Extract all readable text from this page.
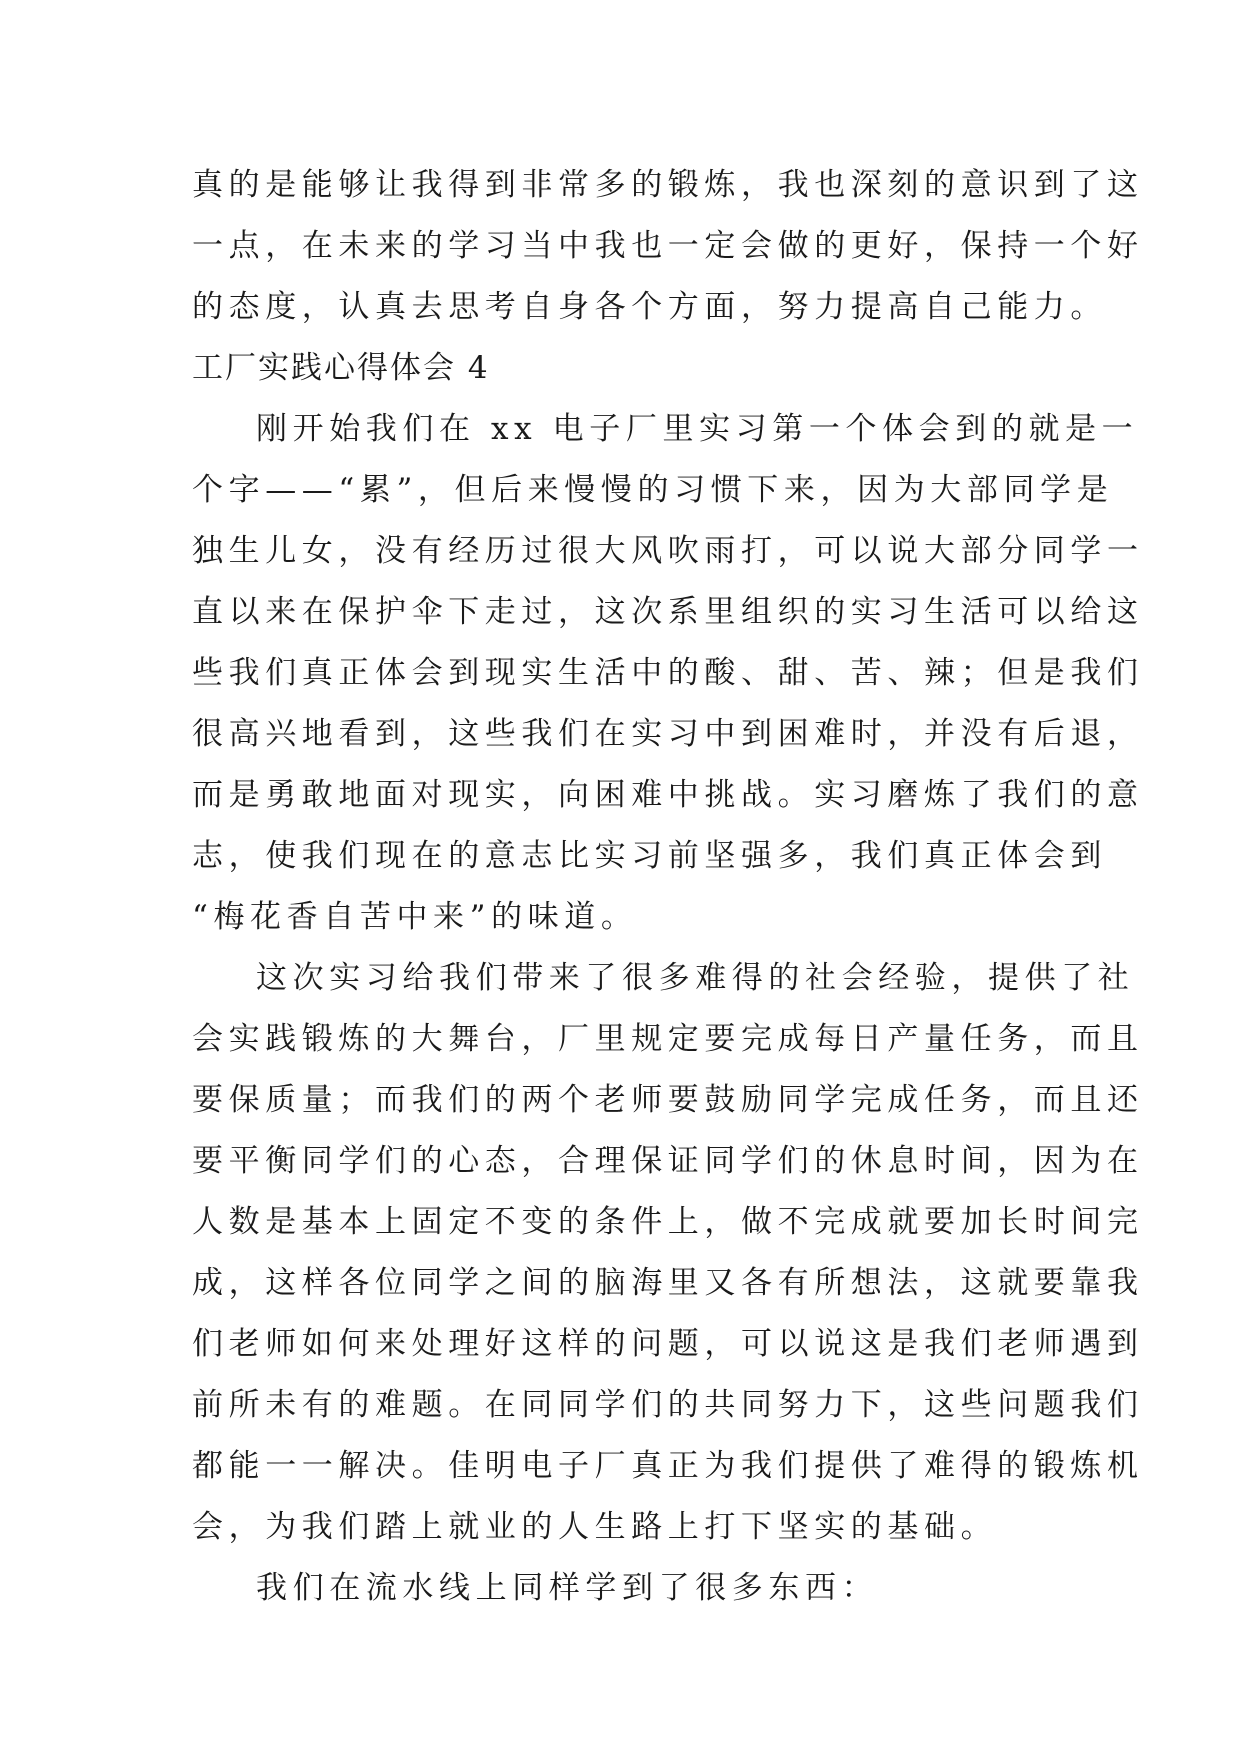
真的是能够让我得到非常多的锻炼，我也深刻的意识到了这
一点，在未来的学习当中我也一定会做的更好，保持一个好
的态度，认真去思考自身各个方面，努力提高自己能力。
工厂实践心得体会 4
刚开始我们在 xx 电子厂里实习第一个体会到的就是一
个字——“累”，但后来慢慢的习惯下来，因为大部同学是
独生儿女，没有经历过很大风吹雨打，可以说大部分同学一
直以来在保护伞下走过，这次系里组织的实习生活可以给这
些我们真正体会到现实生活中的酸、甜、苦、辣；但是我们
很高兴地看到，这些我们在实习中到困难时，并没有后退，
而是勇敢地面对现实，向困难中挑战。实习磨炼了我们的意
志，使我们现在的意志比实习前坚强多，我们真正体会到
“梅花香自苦中来”的味道。
这次实习给我们带来了很多难得的社会经验，提供了社
会实践锻炼的大舞台，厂里规定要完成每日产量任务，而且
要保质量；而我们的两个老师要鼓励同学完成任务，而且还
要平衡同学们的心态，合理保证同学们的休息时间，因为在
人数是基本上固定不变的条件上，做不完成就要加长时间完
成，这样各位同学之间的脑海里又各有所想法，这就要靠我
们老师如何来处理好这样的问题，可以说这是我们老师遇到
前所未有的难题。在同同学们的共同努力下，这些问题我们
都能一一解决。佳明电子厂真正为我们提供了难得的锻炼机
会，为我们踏上就业的人生路上打下坚实的基础。
我们在流水线上同样学到了很多东西：
